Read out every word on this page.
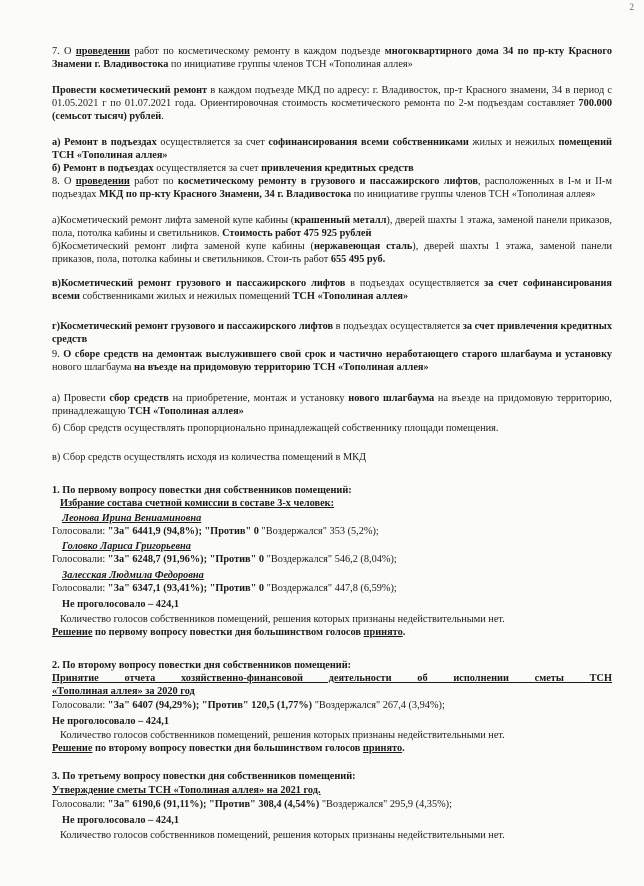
2
7. О проведении работ по косметическому ремонту в каждом подъезде многоквартирного дома 34 по пр-кту Красного Знамени г. Владивостока по инициативе группы членов ТСН «Тополиная аллея»
Провести косметический ремонт в каждом подъезде МКД по адресу: г. Владивосток, пр-т Красного знамени, 34 в период с 01.05.2021 г по 01.07.2021 года. Ориентировочная стоимость косметического ремонта по 2-м подъездам составляет 700.000 (семьсот тысяч) рублей.
а) Ремонт в подъездах осуществляется за счет софинансирования всеми собственниками жилых и нежилых помещений ТСН «Тополиная аллея»
б) Ремонт в подъездах осуществляется за счет привлечения кредитных средств
8. О проведении работ по косметическому ремонту в грузового и пассажирского лифтов, расположенных в I-м и II-м подъездах МКД по пр-кту Красного Знамени, 34 г. Владивостока по инициативе группы членов ТСН «Тополиная аллея»
а)Косметический ремонт лифта заменой купе кабины (крашенный металл), дверей шахты 1 этажа, заменой панели приказов, пола, потолка кабины и светильников. Стоимость работ 475 925 рублей
б)Косметический ремонт лифта заменой купе кабины (нержавеющая сталь), дверей шахты 1 этажа, заменой панели приказов, пола, потолка кабины и светильников. Стои-ть работ 655 495 руб.
в)Косметический ремонт грузового и пассажирского лифтов в подъездах осуществляется за счет софинансирования всеми собственниками жилых и нежилых помещений ТСН «Тополиная аллея»
г)Косметический ремонт грузового и пассажирского лифтов в подъездах осуществляется за счет привлечения кредитных средств
9. О сборе средств на демонтаж выслужившего свой срок и частично неработающего старого шлагбаума и установку нового шлагбаума на въезде на придомовую территорию ТСН «Тополиная аллея»
а) Провести сбор средств на приобретение, монтаж и установку нового шлагбаума на въезде на придомовую территорию, принадлежащую ТСН «Тополиная аллея»
б) Сбор средств осуществлять пропорционально принадлежащей собственнику площади помещения.
в) Сбор средств осуществлять исходя из количества помещений в МКД
1. По первому вопросу повестки дня собственников помещений:
Избрание состава счетной комиссии в составе 3-х человек:
Леонова Ирина Вениаминовна
Голосовали: "За" 6441,9 (94,8%); "Против" 0 "Воздержался" 353 (5,2%);
Головко Лариса Григорьевна
Голосовали: "За" 6248,7 (91,96%); "Против" 0 "Воздержался" 546,2 (8,04%);
Залесская Людмила Федоровна
Голосовали: "За" 6347,1 (93,41%); "Против" 0 "Воздержался" 447,8 (6,59%);
Не проголосовало – 424,1
Количество голосов собственников помещений, решения которых признаны недействительными нет.
Решение по первому вопросу повестки дня большинством голосов принято.
2. По второму вопросу повестки дня собственников помещений:
Принятие отчета хозяйственно-финансовой деятельности об исполнении сметы ТСН
«Тополиная аллея» за 2020 год
Голосовали: "За" 6407 (94,29%); "Против" 120,5 (1,77%) "Воздержался" 267,4 (3,94%);
Не проголосовало – 424,1
Количество голосов собственников помещений, решения которых признаны недействительными нет.
Решение по второму вопросу повестки дня большинством голосов принято.
3. По третьему вопросу повестки дня собственников помещений:
Утверждение сметы ТСН «Тополиная аллея» на 2021 год.
Голосовали: "За" 6190,6 (91,11%); "Против" 308,4 (4,54%) "Воздержался" 295,9 (4,35%);
Не проголосовало – 424,1
Количество голосов собственников помещений, решения которых признаны недействительными нет.
